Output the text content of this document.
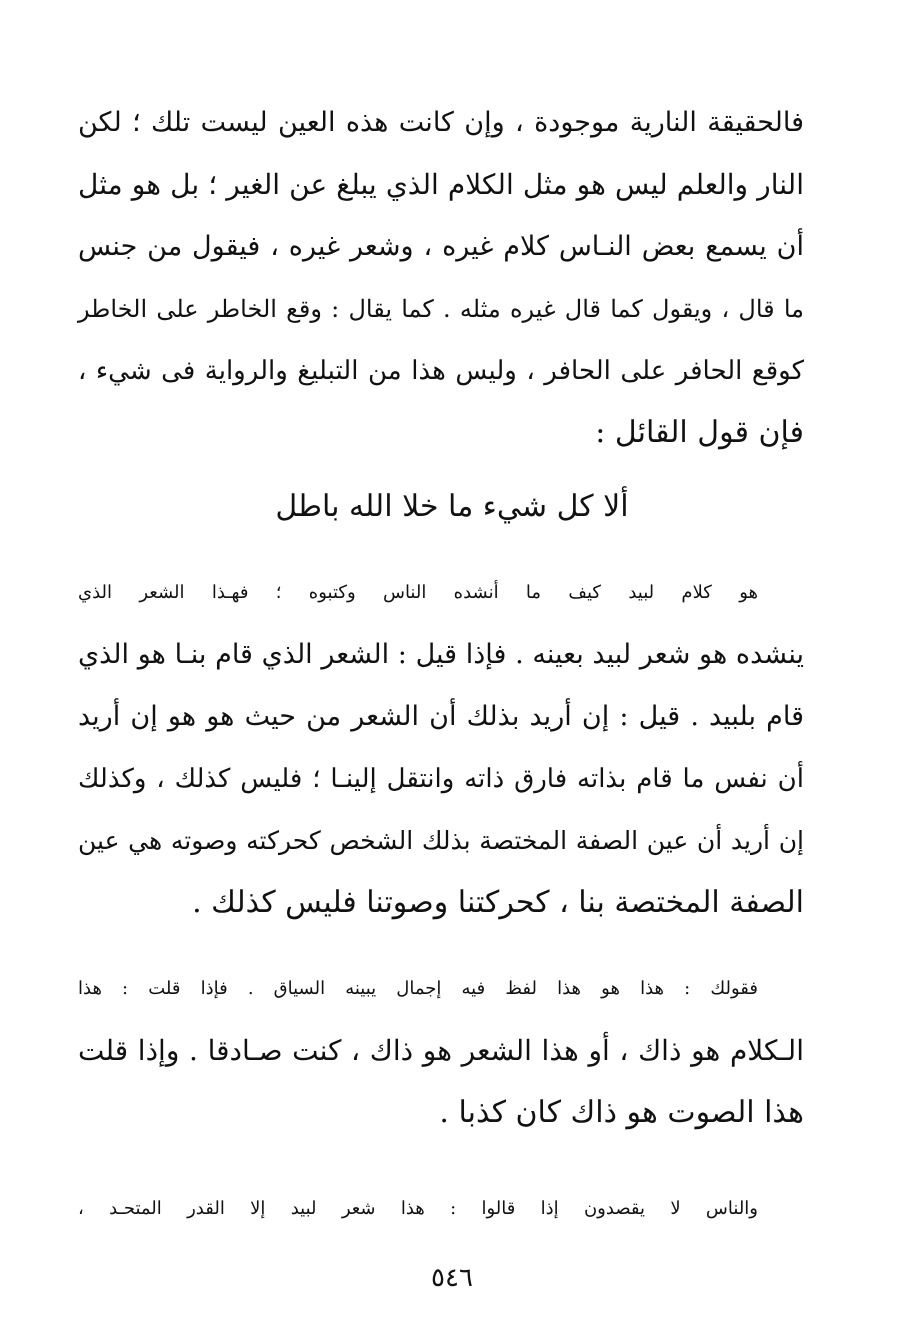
فالحقيقة النارية موجودة ، وإن كانت هذه العين ليست تلك ؛ لكن
النار والعلم ليس هو مثل الكلام الذي يبلغ عن الغير ؛ بل هو مثل
أن يسمع بعض النـاس كلام غيره ، وشعر غيره ، فيقول من جنس
ما قال ، ويقول كما قال غيره مثله . كما يقال : وقع الخاطر على الخاطر
كوقع الحافر على الحافر ، وليس هذا من التبليغ والرواية فى شيء ،
فإن قول القائل :
ألا كل شيء ما خلا الله باطل
هو كلام لبيد كيف ما أنشده الناس وكتبوه ؛ فهـذا الشعر الذي
ينشده هو شعر لبيد بعينه . فإذا قيل : الشعر الذي قام بنـا هو الذي
قام بلبيد . قيل : إن أريد بذلك أن الشعر من حيث هو هو إن أريد
أن نفس ما قام بذاته فارق ذاته وانتقل إلينـا ؛ فليس كذلك ، وكذلك
إن أريد أن عين الصفة المختصة بذلك الشخص كحركته وصوته هي عين
الصفة المختصة بنا ، كحركتنا وصوتنا فليس كذلك .
فقولك : هذا هو هذا لفظ فيه إجمال يبينه السياق . فإذا قلت : هذا
الـكلام هو ذاك ، أو هذا الشعر هو ذاك ، كنت صـادقا . وإذا قلت
هذا الصوت هو ذاك كان كذبا .
والناس لا يقصدون إذا قالوا : هذا شعر لبيد إلا القدر المتحـد ،
٥٤٦
